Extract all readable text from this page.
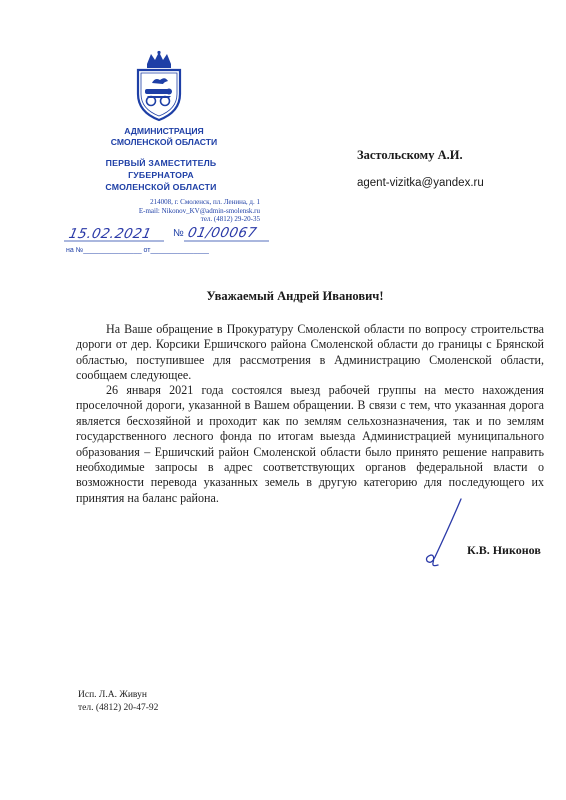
АДМИНИСТРАЦИЯ
СМОЛЕНСКОЙ ОБЛАСТИ
ПЕРВЫЙ ЗАМЕСТИТЕЛЬ
ГУБЕРНАТОРА
СМОЛЕНСКОЙ ОБЛАСТИ
214008, г. Смоленск, пл. Ленина, д. 1
E-mail: Nikonov_KV@admin-smolensk.ru
тел. (4812) 29-20-35
15.02.2021 № 01/00067
на №_______________ от_______________
Застольскому А.И.
agent-vizitka@yandex.ru
Уважаемый Андрей Иванович!

На Ваше обращение в Прокуратуру Смоленской области по вопросу строительства дороги от дер. Корсики Ершичского района Смоленской области до границы с Брянской областью, поступившее для рассмотрения в Администрацию Смоленской области, сообщаем следующее.

26 января 2021 года состоялся выезд рабочей группы на место нахождения проселочной дороги, указанной в Вашем обращении. В связи с тем, что указанная дорога является бесхозяйной и проходит как по землям сельхозназначения, так и по землям государственного лесного фонда по итогам выезда Администрацией муниципального образования – Ершичский район Смоленской области было принято решение направить необходимые запросы в адрес соответствующих органов федеральной власти о возможности перевода указанных земель в другую категорию для последующего их принятия на баланс района.

К.В. Никонов
Исп. Л.А. Живун
тел. (4812) 20-47-92
